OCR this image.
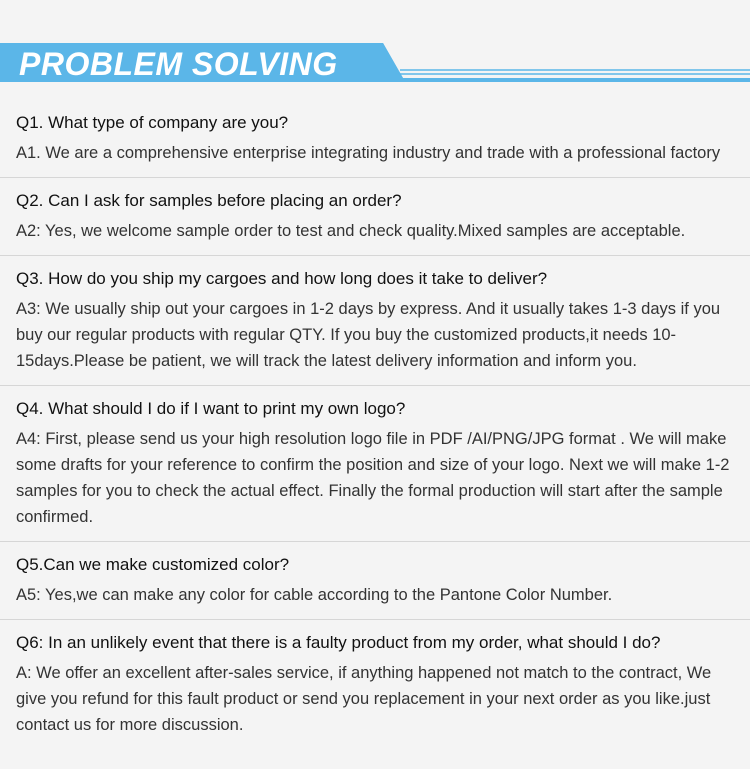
PROBLEM SOLVING
Q1. What type of company are you?
A1. We are a comprehensive enterprise integrating industry and trade with a professional factory
Q2. Can I ask for samples before placing an order?
A2: Yes, we welcome sample order to test and check quality.Mixed samples are acceptable.
Q3. How do you ship my cargoes and how long does it take to deliver?
A3: We usually ship out your cargoes in 1-2 days by express. And it usually takes 1-3 days if you buy our regular products with regular QTY. If you buy the customized products,it needs 10-15days.Please be patient, we will track the latest delivery information and inform you.
Q4. What should I do if I want to print my own logo?
A4: First, please send us your high resolution logo file in PDF /AI/PNG/JPG format . We will make some drafts for your reference to confirm the position and size of your logo. Next we will make 1-2 samples for you to check the actual effect. Finally the formal production will start after the sample confirmed.
Q5.Can we make customized color?
A5: Yes,we can make any color for cable according to the Pantone Color Number.
Q6: In an unlikely event that there is a faulty product from my order, what should I do?
A: We offer an excellent after-sales service, if anything happened not match to the contract, We give you refund for this fault product or send you replacement in your next order as you like.just contact us for more discussion.
